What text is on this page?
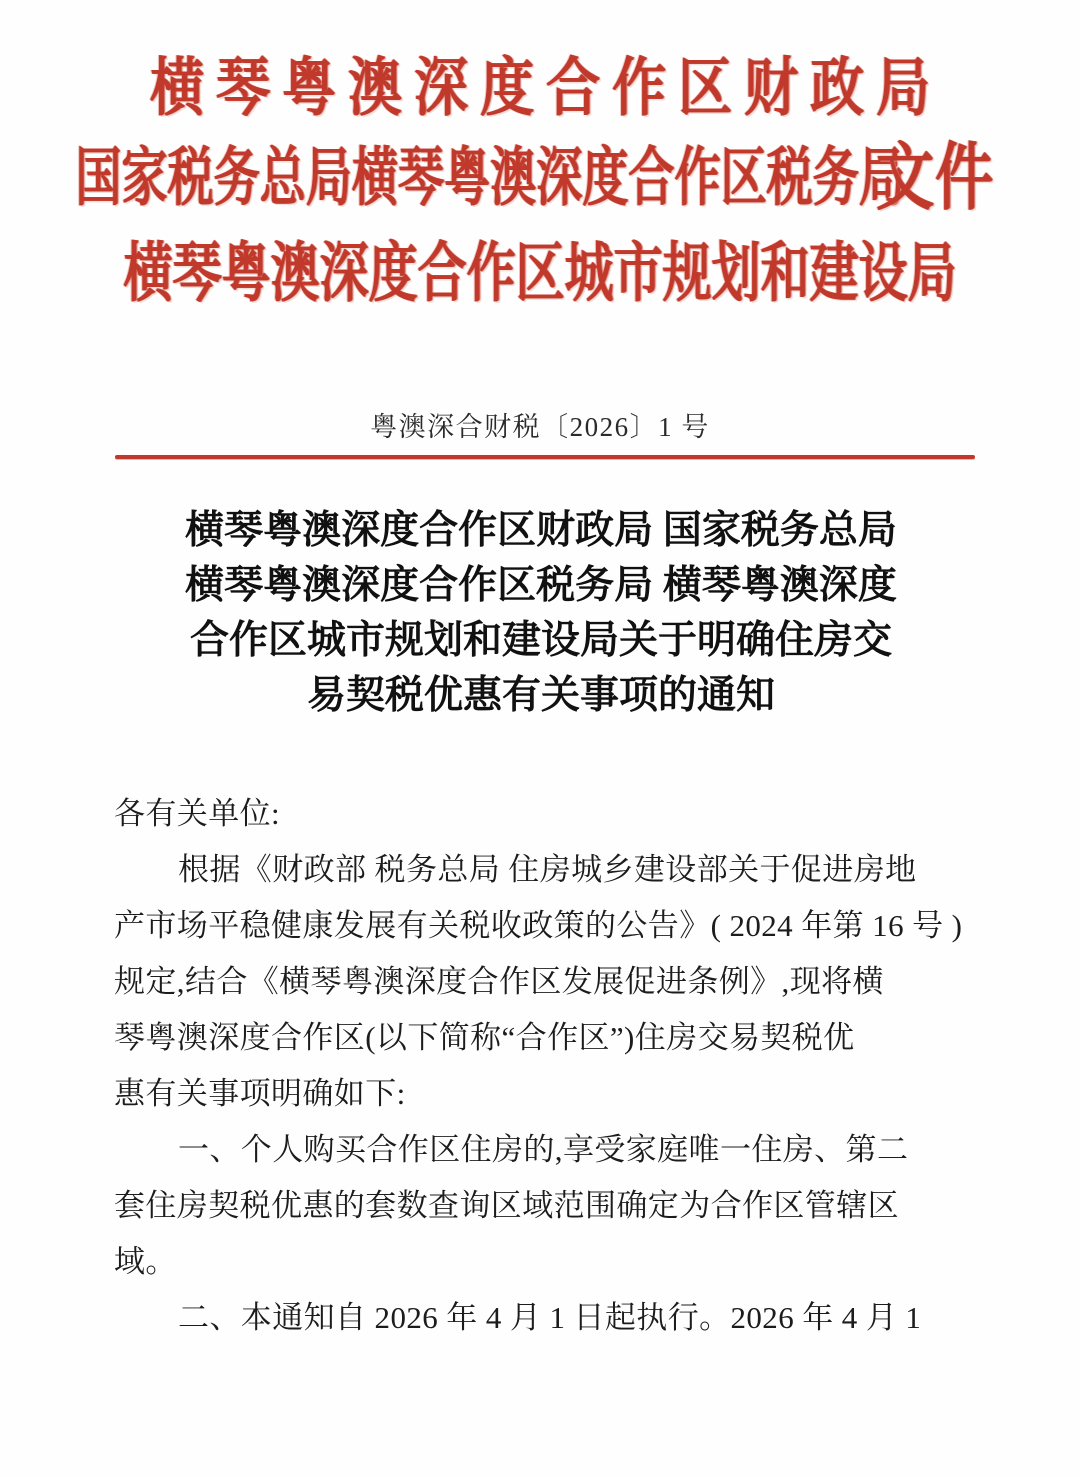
横琴粤澳深度合作区财政局
国家税务总局横琴粤澳深度合作区税务局
文件
横琴粤澳深度合作区城市规划和建设局
粤澳深合财税〔2026〕1 号
横琴粤澳深度合作区财政局 国家税务总局
横琴粤澳深度合作区税务局 横琴粤澳深度
合作区城市规划和建设局关于明确住房交
易契税优惠有关事项的通知

各有关单位:

根据《财政部 税务总局 住房城乡建设部关于促进房地

产市场平稳健康发展有关税收政策的公告》( 2024 年第 16 号 )

规定,结合《横琴粤澳深度合作区发展促进条例》,现将横

琴粤澳深度合作区(以下简称“合作区”)住房交易契税优

惠有关事项明确如下:

一、个人购买合作区住房的,享受家庭唯一住房、第二

套住房契税优惠的套数查询区域范围确定为合作区管辖区

域。

二、本通知自 2026 年 4 月 1 日起执行。2026 年 4 月 1
